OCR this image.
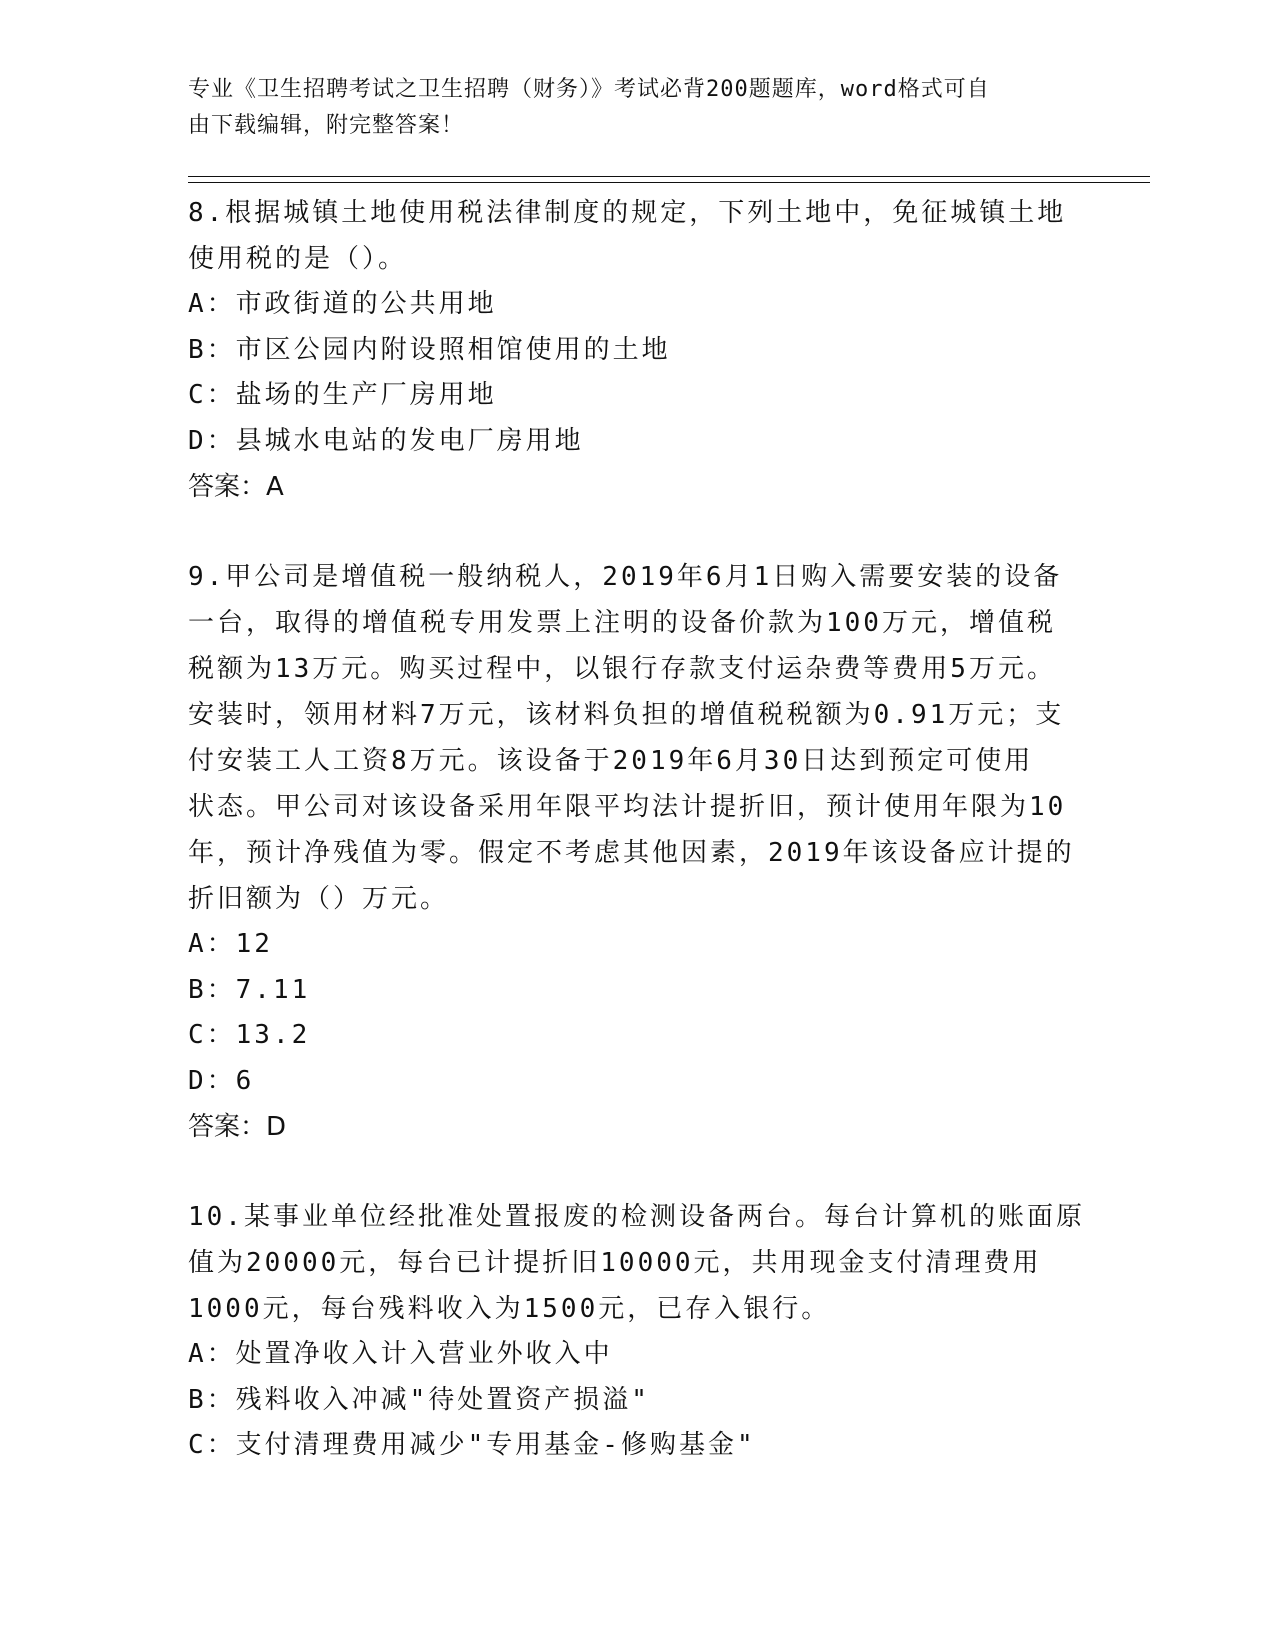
专业《卫生招聘考试之卫生招聘（财务）》考试必背200题题库，word格式可自
由下载编辑，附完整答案！

8.根据城镇土地使用税法律制度的规定，下列土地中，免征城镇土地

使用税的是（）。

A：市政街道的公共用地

B：市区公园内附设照相馆使用的土地

C：盐场的生产厂房用地

D：县城水电站的发电厂房用地

答案：A

9.甲公司是增值税一般纳税人，2019年6月1日购入需要安装的设备

一台，取得的增值税专用发票上注明的设备价款为100万元，增值税

税额为13万元。购买过程中，以银行存款支付运杂费等费用5万元。

安装时，领用材料7万元，该材料负担的增值税税额为0.91万元；支

付安装工人工资8万元。该设备于2019年6月30日达到预定可使用

状态。甲公司对该设备采用年限平均法计提折旧，预计使用年限为10

年，预计净残值为零。假定不考虑其他因素，2019年该设备应计提的

折旧额为（）万元。

A：12

B：7.11

C：13.2

D：6

答案：D

10.某事业单位经批准处置报废的检测设备两台。每台计算机的账面原

值为20000元，每台已计提折旧10000元，共用现金支付清理费用

1000元，每台残料收入为1500元，已存入银行。

A：处置净收入计入营业外收入中

B：残料收入冲减"待处置资产损溢"

C：支付清理费用减少"专用基金-修购基金"
